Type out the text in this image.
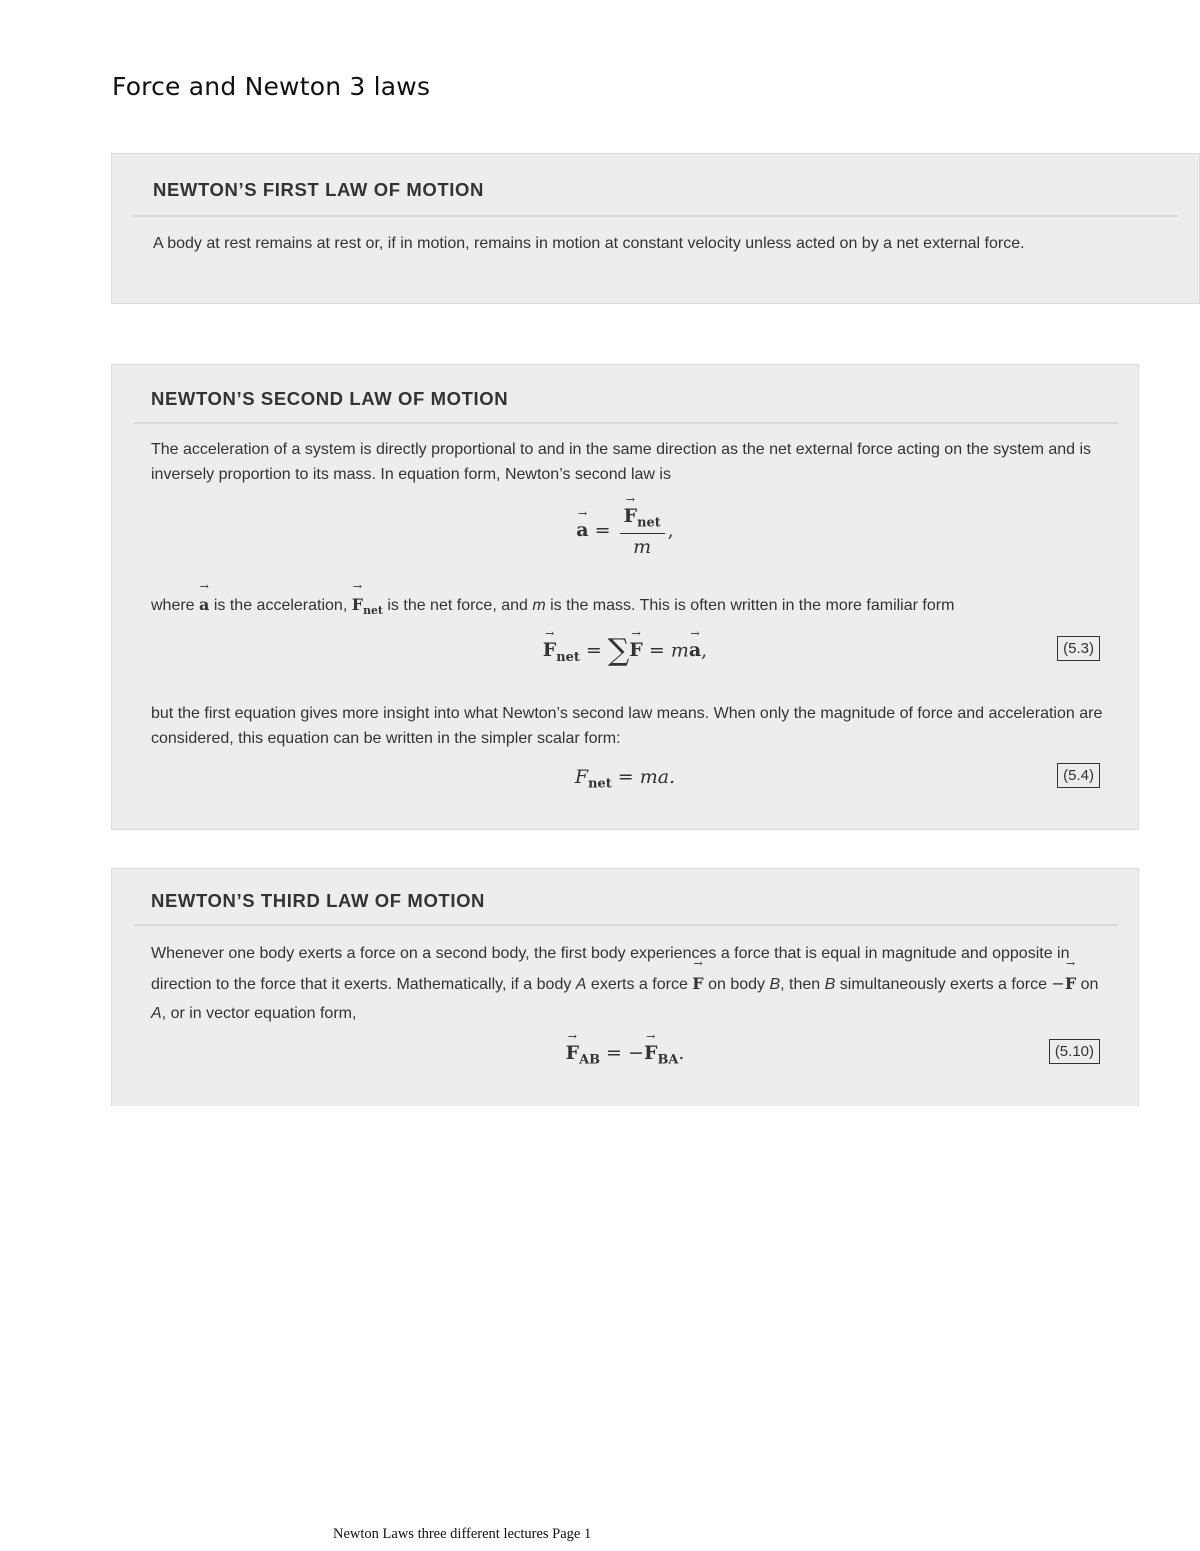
Force and Newton 3 laws
NEWTON’S FIRST LAW OF MOTION

A body at rest remains at rest or, if in motion, remains in motion at constant velocity unless acted on by a net external force.

NEWTON’S SECOND LAW OF MOTION

The acceleration of a system is directly proportional to and in the same direction as the net external force acting on the system and is inversely proportion to its mass. In equation form, Newton’s second law is

→ a =
→ $\frac{F_{net}}{m}$ ,

where → a is the acceleration, → $F_{net}$ is the net force, and m is the mass. This is often written in the more familiar form

→ $F_{net}$ = ∑→ F = m→ a,	(5.3)

but the first equation gives more insight into what Newton’s second law means. When only the magnitude of force and acceleration are considered, this equation can be written in the simpler scalar form:

$F_{net}$ = ma.	(5.4)
NEWTON’S THIRD LAW OF MOTION

Whenever one body exerts a force on a second body, the first body experiences a force that is equal in magnitude and opposite in direction to the force that it exerts. Mathematically, if a body A exerts a force → F on body B, then B simultaneously exerts a force −→ F on A, or in vector equation form,

→ $F_{AB}$ = −→ $F_{BA}$.	(5.10)
Newton Laws three different lectures Page 1
